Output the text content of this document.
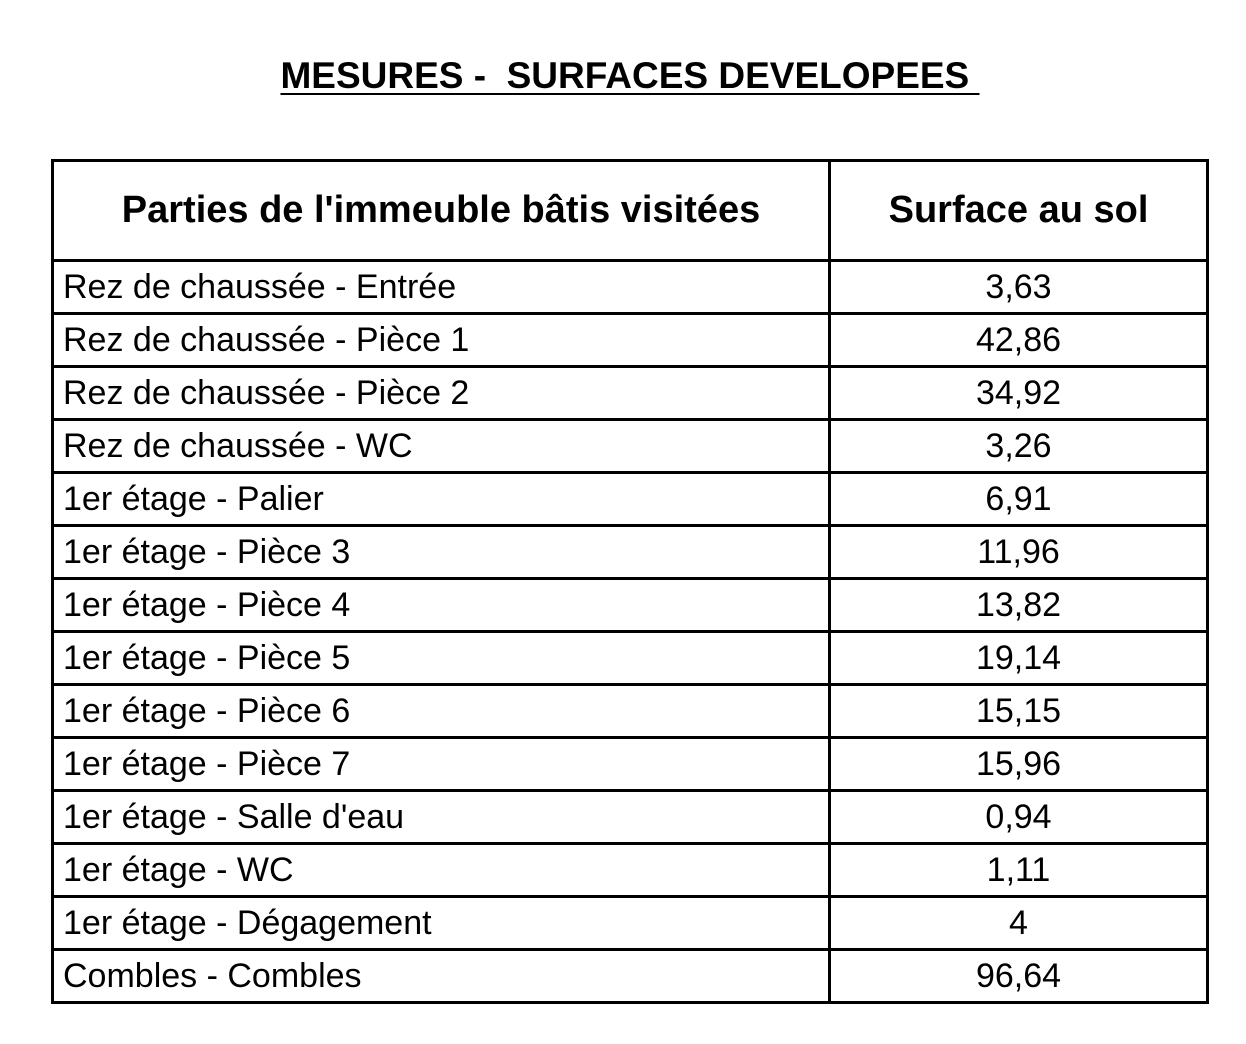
MESURES -  SURFACES DEVELOPEES
Parties de l'immeuble bâtis visitées	Surface au sol
Rez de chaussée - Entrée	3,63
Rez de chaussée - Pièce 1	42,86
Rez de chaussée - Pièce 2	34,92
Rez de chaussée - WC	3,26
1er étage - Palier	6,91
1er étage - Pièce 3	11,96
1er étage - Pièce 4	13,82
1er étage - Pièce 5	19,14
1er étage - Pièce 6	15,15
1er étage - Pièce 7	15,96
1er étage - Salle d'eau	0,94
1er étage - WC	1,11
1er étage - Dégagement	4
Combles - Combles	96,64
